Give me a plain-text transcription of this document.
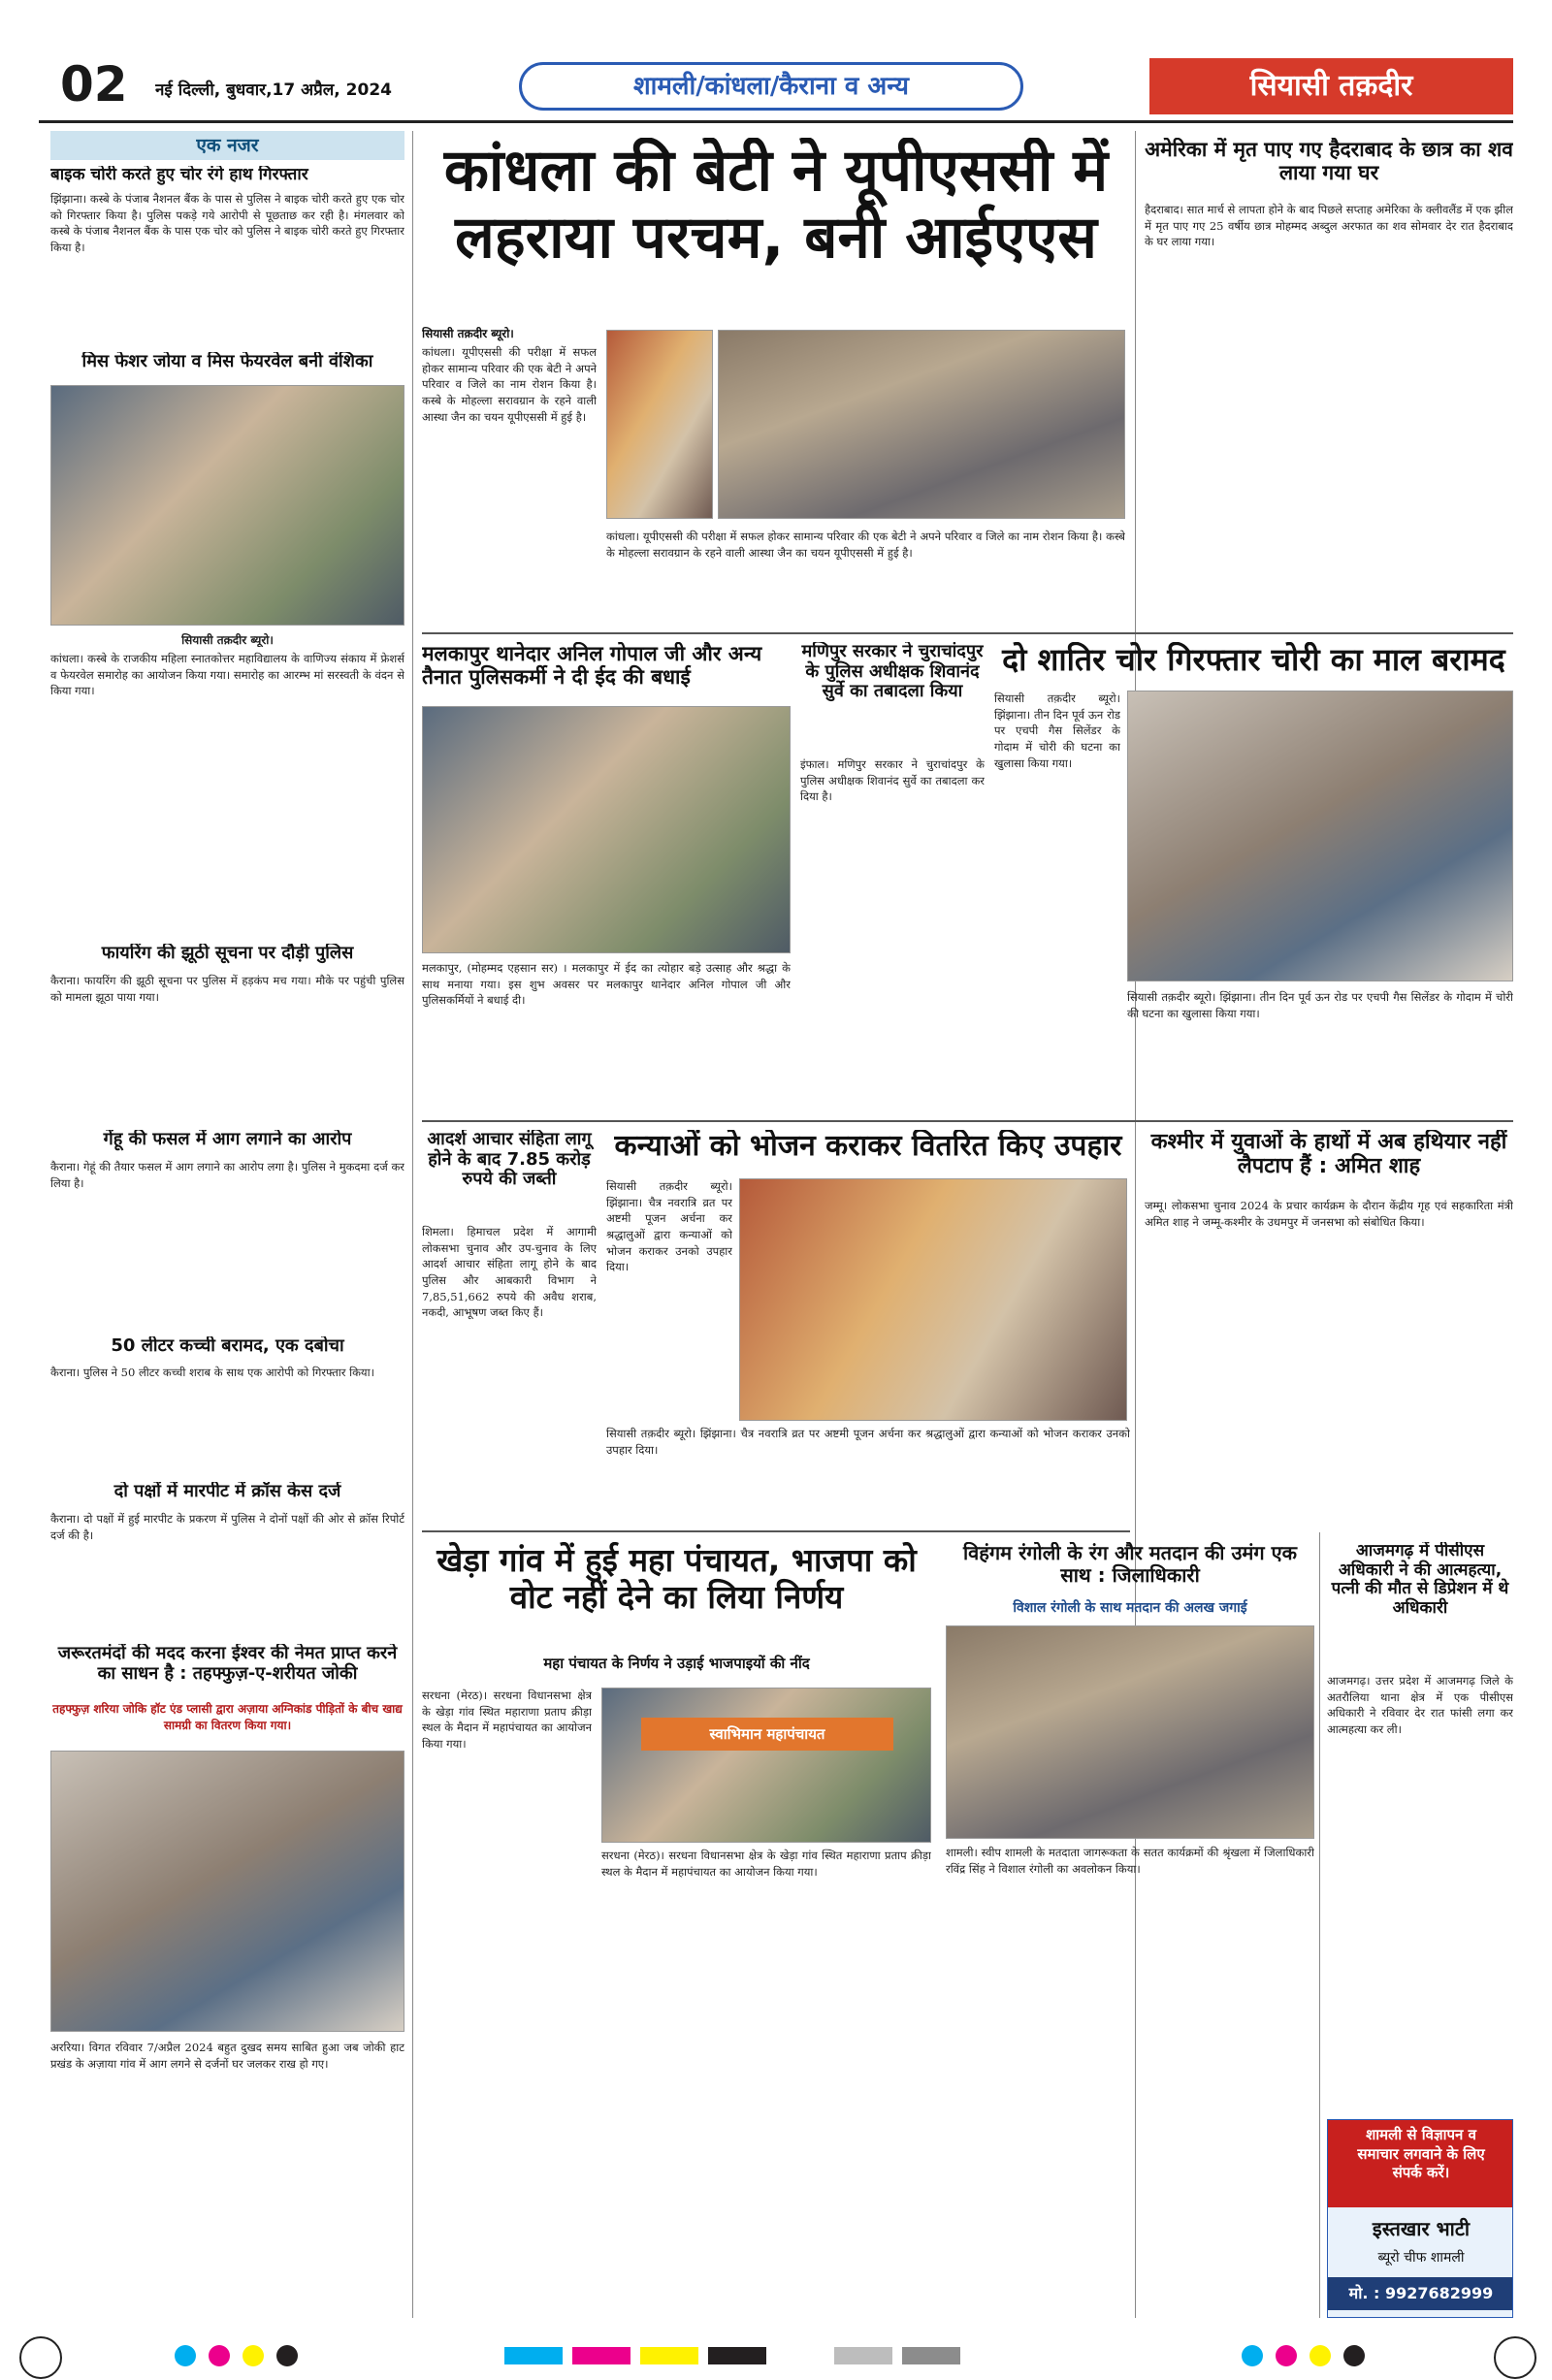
02	नई दिल्ली, बुधवार,17 अप्रैल, 2024	शामली/कांधला/कैराना व अन्य	सियासी तक़दीर
एक नजर
बाइक चोरी करते हुए चोर रंगे हाथ गिरफ्तार
झिंझाना। कस्बे के पंजाब नैशनल बैंक के पास से पुलिस ने बाइक चोरी करते हुए एक चोर को गिरफ्तार किया है। पुलिस पकड़े गये आरोपी से पूछताछ कर रही है। मंगलवार को कस्बे के पंजाब नैशनल बैंक के पास एक चोर को पुलिस ने बाइक चोरी करते हुए गिरफ्तार किया है।
मिस फेशर जोया व मिस फेयरवेल बनी वंशिका
सियासी तक़दीर ब्यूरो।
कांधला। कस्बे के राजकीय महिला स्नातकोत्तर महाविद्यालय के वाणिज्य संकाय में फ्रेशर्स व फेयरवेल समारोह का आयोजन किया गया। समारोह का आरम्भ मां सरस्वती के वंदन से किया गया।
फायरिंग की झूठी सूचना पर दौड़ी पुलिस
कैराना। फायरिंग की झूठी सूचना पर पुलिस में हड़कंप मच गया। मौके पर पहुंची पुलिस को मामला झूठा पाया गया।
गेंहू की फसल में आग लगाने का आरोप
कैराना। गेहूं की तैयार फसल में आग लगाने का आरोप लगा है। पुलिस ने मुकदमा दर्ज कर लिया है।
50 लीटर कच्ची बरामद, एक दबोचा
कैराना। पुलिस ने 50 लीटर कच्ची शराब के साथ एक आरोपी को गिरफ्तार किया।
दो पक्षों में मारपीट में क्रॉस केस दर्ज
कैराना। दो पक्षों में हुई मारपीट के प्रकरण में पुलिस ने दोनों पक्षों की ओर से क्रॉस रिपोर्ट दर्ज की है।
जरूरतमंदों की मदद करना ईश्वर की नेमत प्राप्त करने का साधन है : तहफ्फुज़-ए-शरीयत जोकी
तहफ्फुज़ शरिया जोकि हॉट एंड प्लासी द्वारा अज़ाया अग्निकांड पीड़ितों के बीच खाद्य सामग्री का वितरण किया गया।
अररिया। विगत रविवार 7/अप्रैल 2024 बहुत दुखद समय साबित हुआ जब जोकी हाट प्रखंड के अज़ाया गांव में आग लगने से दर्जनों घर जलकर राख हो गए।
कांधला की बेटी ने यूपीएससी में लहराया परचम, बनी आईएएस
सियासी तक़दीर ब्यूरो।
कांधला। यूपीएससी की परीक्षा में सफल होकर सामान्य परिवार की एक बेटी ने अपने परिवार व जिले का नाम रोशन किया है। कस्बे के मोहल्ला सरावग्रान के रहने वाली आस्था जैन का चयन यूपीएससी में हुई है।
कांधला। यूपीएससी की परीक्षा में सफल होकर सामान्य परिवार की एक बेटी ने अपने परिवार व जिले का नाम रोशन किया है। कस्बे के मोहल्ला सरावग्रान के रहने वाली आस्था जैन का चयन यूपीएससी में हुई है।
अमेरिका में मृत पाए गए हैदराबाद के छात्र का शव लाया गया घर
हैदराबाद। सात मार्च से लापता होने के बाद पिछले सप्ताह अमेरिका के क्लीवलैंड में एक झील में मृत पाए गए 25 वर्षीय छात्र मोहम्मद अब्दुल अरफात का शव सोमवार देर रात हैदराबाद के घर लाया गया।
मलकापुर थानेदार अनिल गोपाल जी और अन्य तैनात पुलिसकर्मी ने दी ईद की बधाई
मलकापुर, (मोहम्मद एहसान सर) । मलकापुर में ईद का त्योहार बड़े उत्साह और श्रद्धा के साथ मनाया गया। इस शुभ अवसर पर मलकापुर थानेदार अनिल गोपाल जी और पुलिसकर्मियों ने बधाई दी।
मणिपुर सरकार ने चुराचांदपुर के पुलिस अधीक्षक शिवानंद सुर्वे का तबादला किया
इंफाल। मणिपुर सरकार ने चुराचांदपुर के पुलिस अधीक्षक शिवानंद सुर्वे का तबादला कर दिया है।
दो शातिर चोर गिरफ्तार चोरी का माल बरामद
सियासी तक़दीर ब्यूरो। झिंझाना। तीन दिन पूर्व ऊन रोड पर एचपी गैस सिलेंडर के गोदाम में चोरी की घटना का खुलासा किया गया।
सियासी तक़दीर ब्यूरो। झिंझाना। तीन दिन पूर्व ऊन रोड पर एचपी गैस सिलेंडर के गोदाम में चोरी की घटना का खुलासा किया गया।
आदर्श आचार संहिता लागू होने के बाद 7.85 करोड़ रुपये की जब्ती
शिमला। हिमाचल प्रदेश में आगामी लोकसभा चुनाव और उप-चुनाव के लिए आदर्श आचार संहिता लागू होने के बाद पुलिस और आबकारी विभाग ने 7,85,51,662 रुपये की अवैध शराब, नकदी, आभूषण जब्त किए हैं।
कन्याओं को भोजन कराकर वितरित किए उपहार
सियासी तक़दीर ब्यूरो। झिंझाना। चैत्र नवरात्रि व्रत पर अष्टमी पूजन अर्चना कर श्रद्धालुओं द्वारा कन्याओं को भोजन कराकर उनको उपहार दिया।
सियासी तक़दीर ब्यूरो। झिंझाना। चैत्र नवरात्रि व्रत पर अष्टमी पूजन अर्चना कर श्रद्धालुओं द्वारा कन्याओं को भोजन कराकर उनको उपहार दिया।
कश्मीर में युवाओं के हाथों में अब हथियार नहीं लैपटाप हैं : अमित शाह
जम्मू। लोकसभा चुनाव 2024 के प्रचार कार्यक्रम के दौरान केंद्रीय गृह एवं सहकारिता मंत्री अमित शाह ने जम्मू-कश्मीर के उधमपुर में जनसभा को संबोधित किया।
खेड़ा गांव में हुई महा पंचायत, भाजपा को वोट नहीं देने का लिया निर्णय
महा पंचायत के निर्णय ने उड़ाई भाजपाइयों की नींद
सरधना (मेरठ)। सरधना विधानसभा क्षेत्र के खेड़ा गांव स्थित महाराणा प्रताप क्रीड़ा स्थल के मैदान में महापंचायत का आयोजन किया गया।
स्वाभिमान महापंचायत
सरधना (मेरठ)। सरधना विधानसभा क्षेत्र के खेड़ा गांव स्थित महाराणा प्रताप क्रीड़ा स्थल के मैदान में महापंचायत का आयोजन किया गया।
विहंगम रंगोली के रंग और मतदान की उमंग एक साथ : जिलाधिकारी
विशाल रंगोली के साथ मतदान की अलख जगाई
शामली। स्वीप शामली के मतदाता जागरूकता के सतत कार्यक्रमों की श्रृंखला में जिलाधिकारी रविंद्र सिंह ने विशाल रंगोली का अवलोकन किया।
आजमगढ़ में पीसीएस अधिकारी ने की आत्महत्या, पत्नी की मौत से डिप्रेशन में थे अधिकारी
आजमगढ़। उत्तर प्रदेश में आजमगढ़ जिले के अतरौलिया थाना क्षेत्र में एक पीसीएस अधिकारी ने रविवार देर रात फांसी लगा कर आत्महत्या कर ली।
शामली से विज्ञापन व
समाचार लगवाने के लिए
संपर्क करें।
इस्तखार भाटी
ब्यूरो चीफ शामली
मो. : 9927682999
